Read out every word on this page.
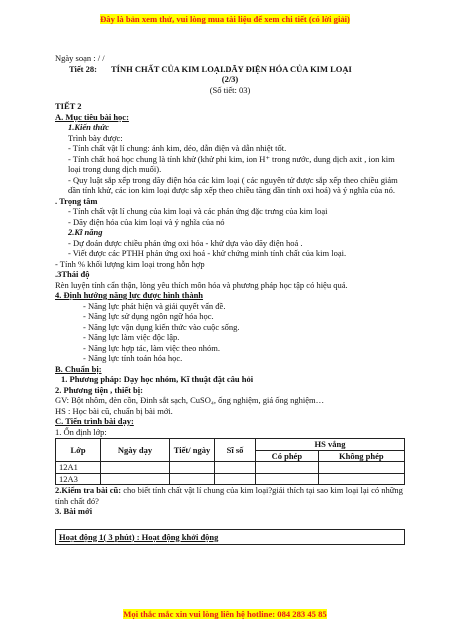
Đây là bản xem thử, vui lòng mua tài liệu để xem chi tiết (có lời giải)
Ngày soạn : / /
Tiết 28:	TÍNH CHẤT CỦA KIM LOẠI.DÃY ĐIỆN HÓA CỦA KIM LOẠI
(2/3)
(Số tiết: 03)
TIẾT 2
A. Mục tiêu bài học:
1.Kiến thức
Trình bày được:
- Tính chất vật lí chung: ánh kim, dẻo, dẫn điện và dẫn nhiệt tốt.
- Tính chất hoá học chung là tính khử (khử phi kim, ion H⁺ trong nước, dung dịch axit , ion kim loại trong dung dịch muối).
- Quy luật sắp xếp trong dãy điện hóa các kim loại ( các nguyên tử được sắp xếp theo chiều giảm dần tính khử, các ion kim loại được sắp xếp theo chiều tăng dần tính oxi hoá) và ý nghĩa của nó.
. Trọng tâm
- Tính chất vật lí chung của kim loại và các phản ứng đặc trưng của kim loại
- Dãy điện hóa của kim loại và ý nghĩa của nó
2.Kĩ năng
- Dự đoán được chiều phản ứng oxi hóa - khử dựa vào dãy điện hoá .
- Viết được các PTHH phản ứng oxi hoá - khử chứng minh tính chất của kim loại.
- Tính % khối lượng kim loại trong hỗn hợp
.3Thái độ
Rèn luyện tính cẩn thận, lòng yêu thích môn hóa và phương pháp học tập có hiệu quả.
4. Định hướng năng lực được hình thành
- Năng lực phát hiện và giải quyết vấn đề.
- Năng lực sử dụng ngôn ngữ hóa học.
- Năng lực vận dụng kiến thức vào cuộc sống.
- Năng lực làm việc độc lập.
- Năng lực hợp tác, làm việc theo nhóm.
- Năng lực tính toán hóa học.
B. Chuẩn bị:
1. Phương pháp: Dạy học nhóm, Kĩ thuật đặt câu hỏi
2. Phương tiện , thiết bị:
GV: Bột nhôm, đèn cồn, Đinh sắt sạch, CuSO₄, ống nghiệm, giá ống nghiệm…
HS : Học bài cũ, chuẩn bị bài mới.
C. Tiến trình bài dạy:
1. Ổn định lớp:
Lớp	Ngày dạy	Tiết/ ngày	Sĩ số	HS vắng	
				Có phép	Không phép
12A1					
12A3					
2.Kiểm tra bài cũ: cho biết tính chất vật lí chung của kim loại?giải thích tại sao kim loại lại có những tính chất đó?
3. Bài mới
Hoạt động 1( 3 phút) : Hoạt động khởi động
Mọi thắc mắc xin vui lòng liên hệ hotline: 084 283 45 85
